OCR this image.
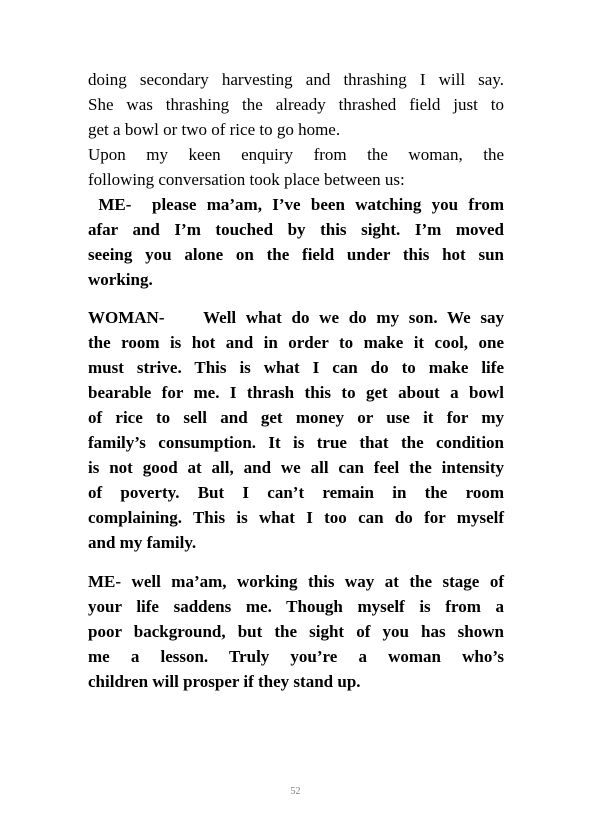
doing secondary harvesting and thrashing I will say.
She was thrashing the already thrashed field just to
get a bowl or two of rice to go home.
Upon my keen enquiry from the woman, the
following conversation took place between us:
ME-  please ma’am, I’ve been watching you from
afar and I’m touched by this sight. I’m moved
seeing you alone on the field under this hot sun
working.
WOMAN-    Well what do we do my son. We say
the room is hot and in order to make it cool, one
must strive. This is what I can do to make life
bearable for me. I thrash this to get about a bowl
of rice to sell and get money or use it for my
family’s consumption. It is true that the condition
is not good at all, and we all can feel the intensity
of poverty. But I can’t remain in the room
complaining. This is what I too can do for myself
and my family.
ME- well ma’am, working this way at the stage of
your life saddens me. Though myself is from a
poor background, but the sight of you has shown
me a lesson. Truly you’re a woman who’s
children will prosper if they stand up.
52
